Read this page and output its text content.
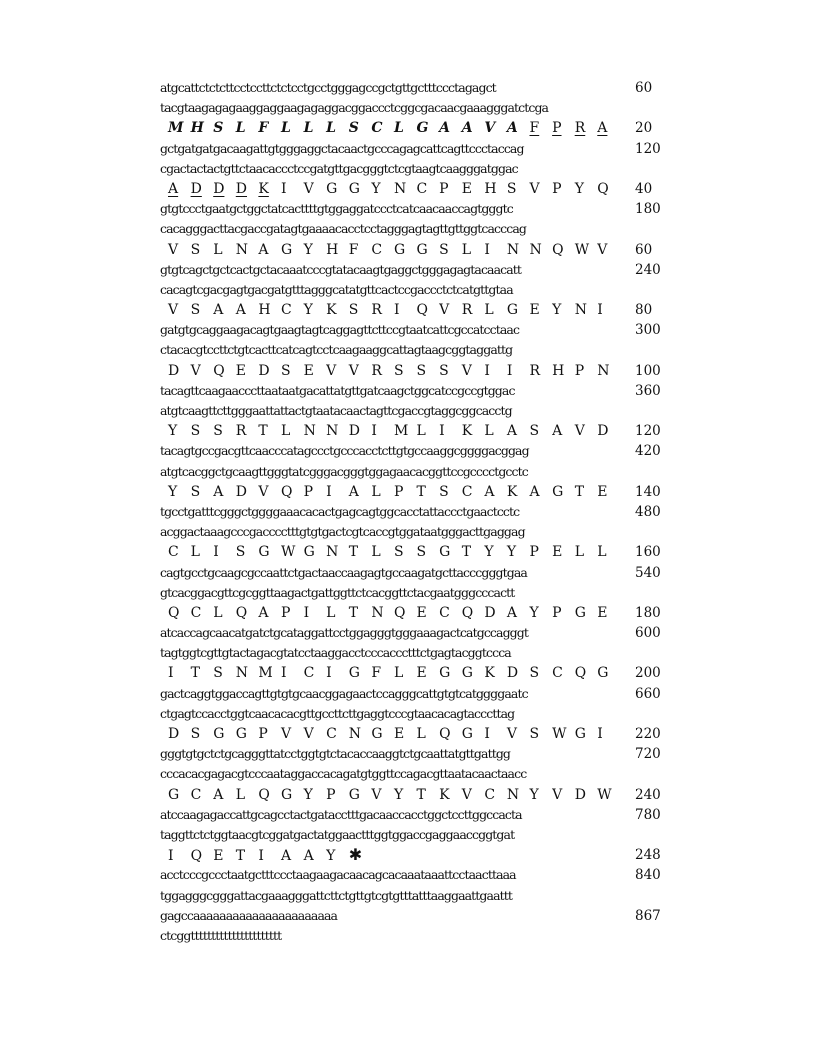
atgcattctctcttcctccttctctcctgcctgggagccgctgttgctttccctagagct	60
tacgtaagagagaaggaggaagagaggacggaccctcggcgacaacgaaagggatctcga
M H S L F L L L S C L G A A V A F P R A 20
gctgatgatgacaagattgtgggaggctacaactgcccagagcattcagttccctaccag	120
cgactactactgttctaacaccctccgatgttgacgggtctcgtaagtcaagggatggac
A D D D K I V G G Y N C P E H S V P Y Q 40
gtgtccctgaatgctggctatcacttttgtggaggatccctcatcaacaaccagtgggtc	180
cacagggacttacgaccgatagtgaaaacacctcctagggagtagttgttggtcacccag
V S L N A G Y H F C G G S L I N N Q W V 60
gtgtcagctgctcactgctacaaatcccgtatacaagtgaggctgggagagtacaacatt	240
cacagtcgacgagtgacgatgtttagggcatatgttcactccgaccctctcatgttgtaa
V S A A H C Y K S R I Q V R L G E Y N I 80
gatgtgcaggaagacagtgaagtagtcaggagttcttccgtaatcattcgccatcctaac	300
ctacacgtccttctgtcacttcatcagtcctcaagaaggcattagtaagcggtaggattg
D V Q E D S E V V R S S S V I I R H P N 100
tacagttcaagaacccttaataatgacattatgttgatcaagctggcatccgccgtggac	360
atgtcaagttcttgggaattattactgtaatacaactagttcgaccgtaggcggcacctg
Y S S R T L N N D I M L I K L A S A V D 120
tacagtgccgacgttcaacccatagccctgcccacctcttgtgccaaggcggggacggag	420
atgtcacggctgcaagttgggtatcgggacgggtggagaacacggttccgcccctgcctc
Y S A D V Q P I A L P T S C A K A G T E 140
tgcctgatttcgggctggggaaacacactgagcagtggcacctattaccctgaactcctc	480
acggactaaagcccgacccctttgtgtgactcgtcaccgtggataatgggacttgaggag
C L I S G W G N T L S S G T Y Y P E L L 160
cagtgcctgcaagcgccaattctgactaaccaagagtgccaagatgcttacccgggtgaa	540
gtcacggacgttcgcggttaagactgattggttctcacggttctacgaatgggcccactt
Q C L Q A P I L T N Q E C Q D A Y P G E 180
atcaccagcaacatgatctgcataggattcctggagggtgggaaagactcatgccagggt	600
tagtggtcgttgtactagacgtatcctaaggacctcccaccctttctgagtacggtccca
I T S N M I C I G F L E G G K D S C Q G 200
gactcaggtggaccagttgtgtgcaacggagaactccagggcattgtgtcatggggaatc	660
ctgagtccacctggtcaacacacgttgccttcttgaggtcccgtaacacagtacccttag
D S G G P V V C N G E L Q G I V S W G I 220
gggtgtgctctgcagggttatcctggtgtctacaccaaggtctgcaattatgttgattgg	720
cccacacgagacgtcccaataggaccacagatgtggttccagacgttaatacaactaacc
G C A L Q G Y P G V Y T K V C N Y V D W 240
atccaagagaccattgcagcctactgatacctttgacaaccacctggctccttggccacta	780
taggttctctggtaacgtcggatgactatggaactttggtggaccgaggaaccggtgat
I Q E T I A A Y ✱	248
acctcccgccctaatgctttccctaagaagacaacagcacaaataaattcctaacttaaa	840
tggagggcgggattacgaaagggattcttctgttgtcgtgtttatttaaggaattgaattt
gagccaaaaaaaaaaaaaaaaaaaaaa	867
ctcggtttttttttttttttttttttt
